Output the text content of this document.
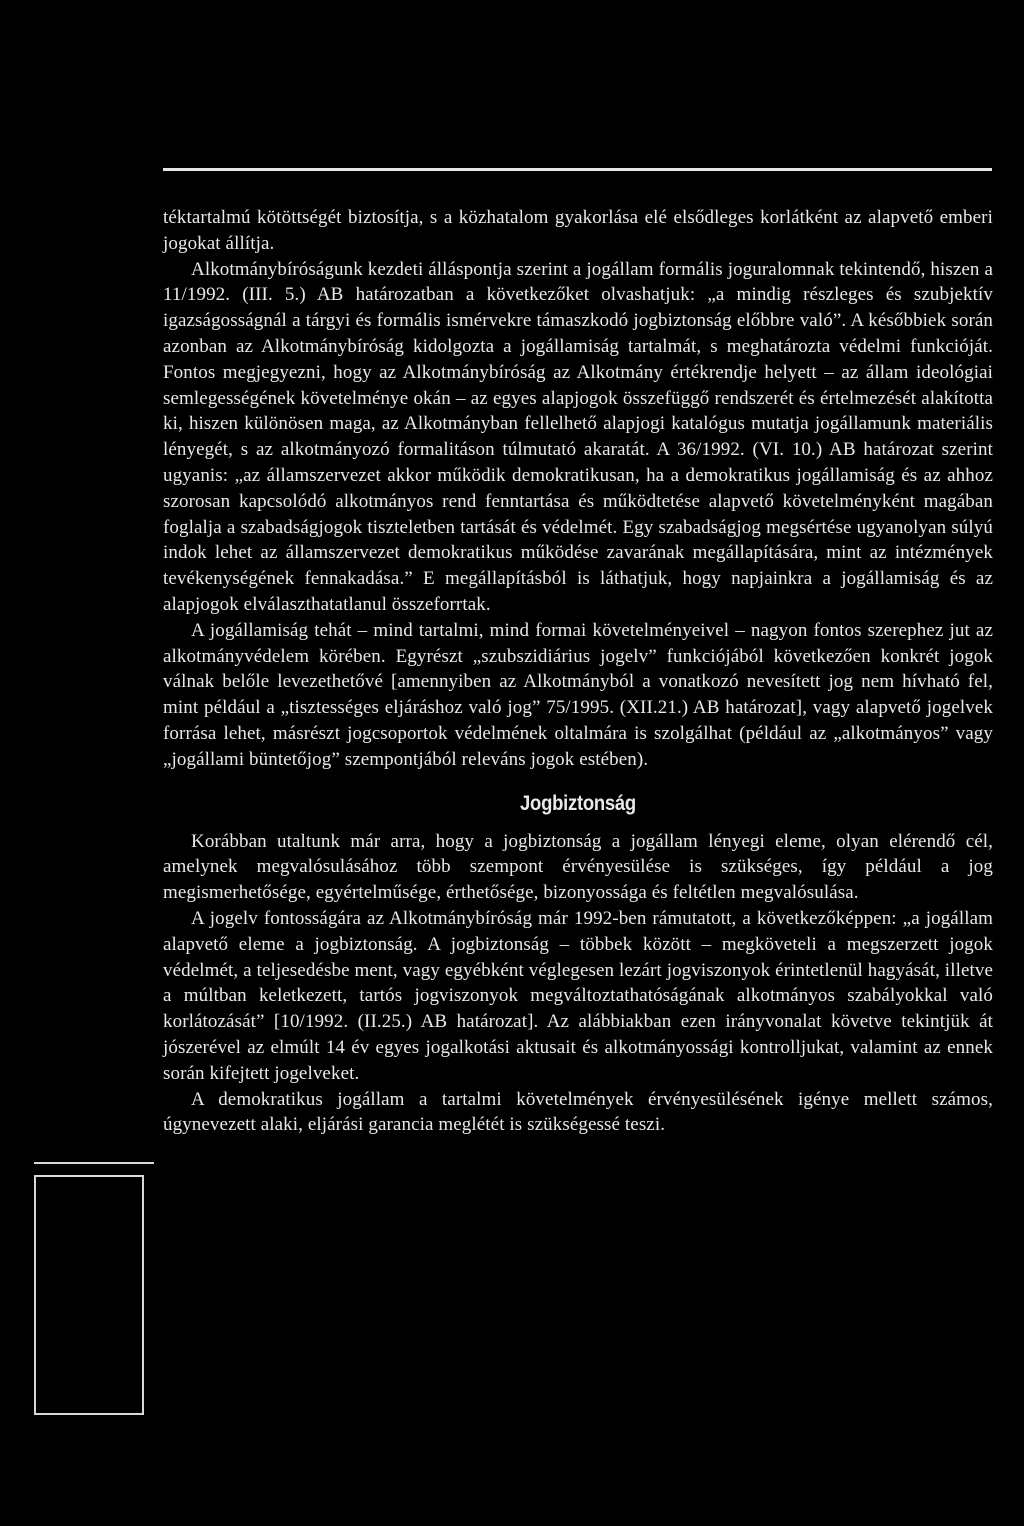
téktartalmú kötöttségét biztosítja, s a közhatalom gyakorlása elé elsődleges korlátként az alapvető emberi jogokat állítja.

Alkotmánybíróságunk kezdeti álláspontja szerint a jogállam formális joguralomnak tekintendő, hiszen a 11/1992. (III. 5.) AB határozatban a következőket olvashatjuk: „a mindig részleges és szubjektív igazságosságnál a tárgyi és formális ismérvekre támaszkodó jogbiztonság előbbre való”. A későbbiek során azonban az Alkotmánybíróság kidolgozta a jogállamiság tartalmát, s meghatározta védelmi funkcióját. Fontos megjegyezni, hogy az Alkotmánybíróság az Alkotmány értékrendje helyett – az állam ideológiai semlegességének követelménye okán – az egyes alapjogok összefüggő rendszerét és értelmezését alakította ki, hiszen különösen maga, az Alkotmányban fellelhető alapjogi katalógus mutatja jogállamunk materiális lényegét, s az alkotmányozó formalitáson túlmutató akaratát. A 36/1992. (VI. 10.) AB határozat szerint ugyanis: „az államszervezet akkor működik demokratikusan, ha a demokratikus jogállamiság és az ahhoz szorosan kapcsolódó alkotmányos rend fenntartása és működtetése alapvető követelményként magában foglalja a szabadságjogok tiszteletben tartását és védelmét. Egy szabadságjog megsértése ugyanolyan súlyú indok lehet az államszervezet demokratikus működése zavarának megállapítására, mint az intézmények tevékenységének fennakadása.” E megállapításból is láthatjuk, hogy napjainkra a jogállamiság és az alapjogok elválaszthatatlanul összeforrtak.

A jogállamiság tehát – mind tartalmi, mind formai követelményeivel – nagyon fontos szerephez jut az alkotmányvédelem körében. Egyrészt „szubszidiárius jogelv” funkciójából következően konkrét jogok válnak belőle levezethetővé [amennyiben az Alkotmányból a vonatkozó nevesített jog nem hívható fel, mint például a „tisztességes eljáráshoz való jog” 75/1995. (XII.21.) AB határozat], vagy alapvető jogelvek forrása lehet, másrészt jogcsoportok védelmének oltalmára is szolgálhat (például az „alkotmányos” vagy „jogállami büntetőjog” szempontjából releváns jogok estében).

Jogbiztonság

Korábban utaltunk már arra, hogy a jogbiztonság a jogállam lényegi eleme, olyan elérendő cél, amelynek megvalósulásához több szempont érvényesülése is szükséges, így például a jog megismerhetősége, egyértelműsége, érthetősége, bizonyossága és feltétlen megvalósulása.

A jogelv fontosságára az Alkotmánybíróság már 1992-ben rámutatott, a következőképpen: „a jogállam alapvető eleme a jogbiztonság. A jogbiztonság – többek között – megköveteli a megszerzett jogok védelmét, a teljesedésbe ment, vagy egyébként véglegesen lezárt jogviszonyok érintetlenül hagyását, illetve a múltban keletkezett, tartós jogviszonyok megváltoztathatóságának alkotmányos szabályokkal való korlátozását” [10/1992. (II.25.) AB határozat]. Az alábbiakban ezen irányvonalat követve tekintjük át jószerével az elmúlt 14 év egyes jogalkotási aktusait és alkotmányossági kontrolljukat, valamint az ennek során kifejtett jogelveket.

A demokratikus jogállam a tartalmi követelmények érvényesülésének igénye mellett számos, úgynevezett alaki, eljárási garancia meglétét is szükségessé teszi.
